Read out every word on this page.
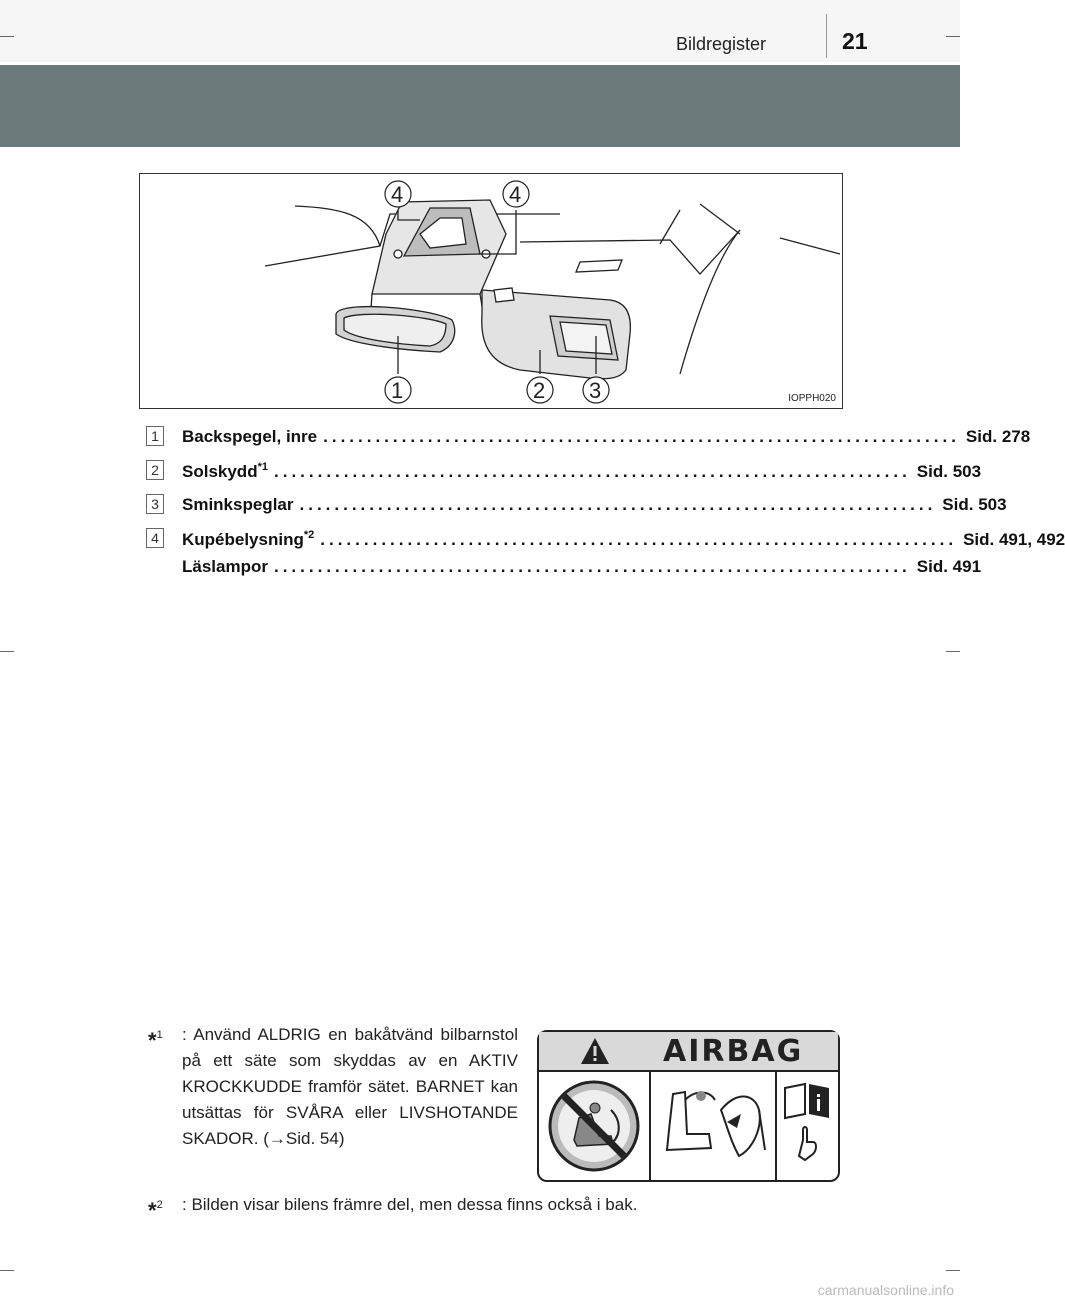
Bildregister	21
4	4
1	2 3	IOPPH020
1	Backspegel, inre ......................................................................... Sid. 278
2	Solskydd$^{*1}$ ......................................................................... Sid. 503
3	Sminkspeglar ......................................................................... Sid. 503
4	Kupébelysning$^{*2}$ ......................................................................... Sid. 491, 492
Läslampor ......................................................................... Sid. 491
*$^1$ : Använd ALDRIG en bakåtvänd bilbarnstol på ett säte som skyddas av en AKTIV KROCKKUDDE framför sätet. BARNET kan utsättas för SVÅRA eller LIVSHOTANDE SKADOR. (→Sid. 54)
*$^2$ : Bilden visar bilens främre del, men dessa finns också i bak.
AIRBAG
carmanualsonline.info
